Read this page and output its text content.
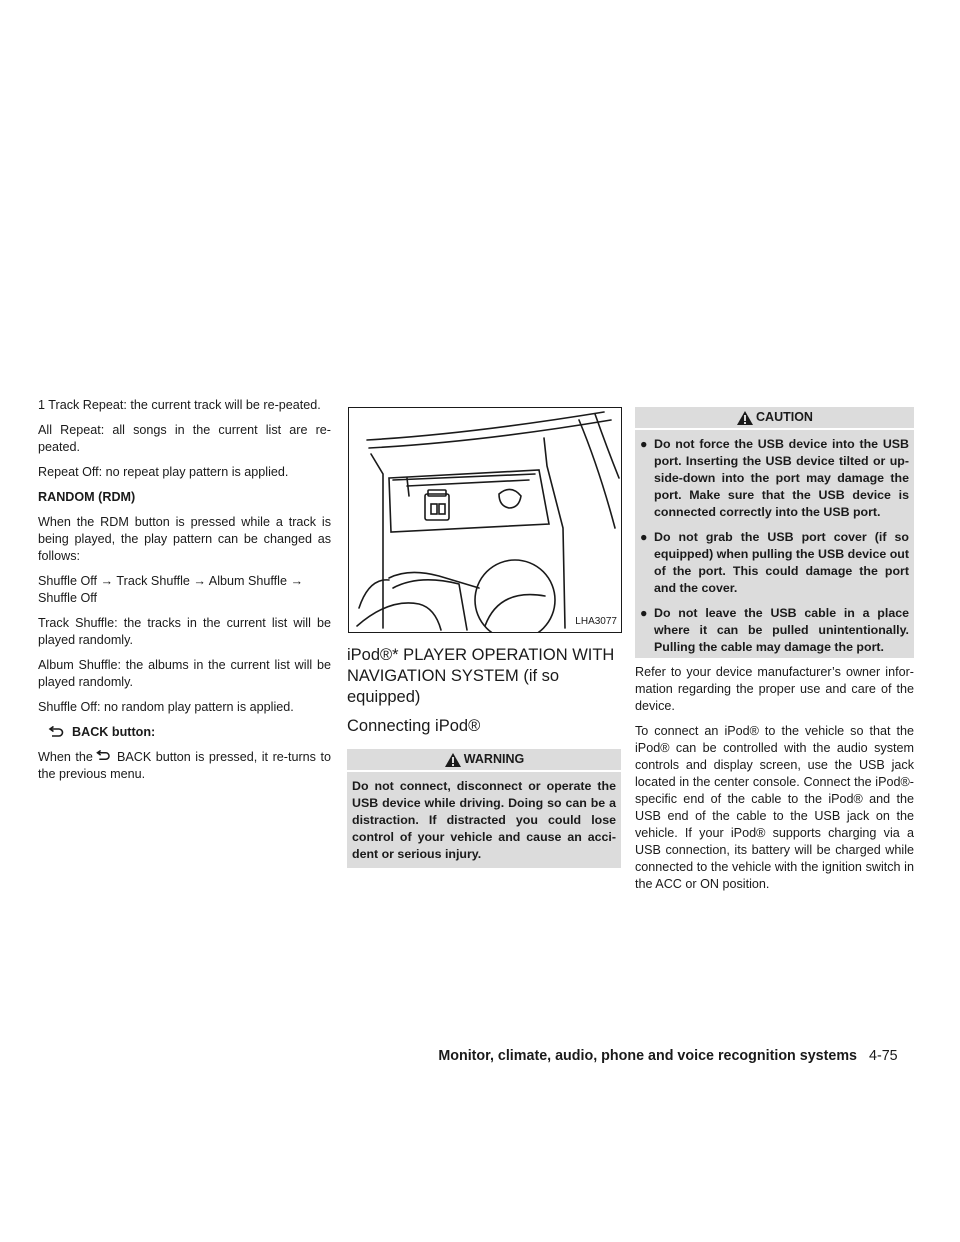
1 Track Repeat: the current track will be re-peated.

All Repeat: all songs in the current list are re-peated.

Repeat Off: no repeat play pattern is applied.

RANDOM (RDM)

When the RDM button is pressed while a track is being played, the play pattern can be changed as follows:

Shuffle Off → Track Shuffle → Album Shuffle → Shuffle Off

Track Shuffle: the tracks in the current list will be played randomly.

Album Shuffle: the albums in the current list will be played randomly.

Shuffle Off: no random play pattern is applied.

BACK button:

When the BACK button is pressed, it re-turns to the previous menu.

LHA3077
iPod®* PLAYER OPERATION WITH NAVIGATION SYSTEM (if so equipped)
Connecting iPod®
WARNING
Do not connect, disconnect or operate the USB device while driving. Doing so can be a distraction. If distracted you could lose control of your vehicle and cause an acci-dent or serious injury.
CAUTION
● Do not force the USB device into the USB port. Inserting the USB device tilted or up-side-down into the port may damage the port. Make sure that the USB device is connected correctly into the USB port.
● Do not grab the USB port cover (if so equipped) when pulling the USB device out of the port. This could damage the port and the cover.
● Do not leave the USB cable in a place where it can be pulled unintentionally. Pulling the cable may damage the port.

Refer to your device manufacturer’s owner infor-mation regarding the proper use and care of the device.

To connect an iPod® to the vehicle so that the iPod® can be controlled with the audio system controls and display screen, use the USB jack located in the center console. Connect the iPod®-specific end of the cable to the iPod® and the USB end of the cable to the USB jack on the vehicle. If your iPod® supports charging via a USB connection, its battery will be charged while connected to the vehicle with the ignition switch in the ACC or ON position.

Monitor, climate, audio, phone and voice recognition systems 4-75
